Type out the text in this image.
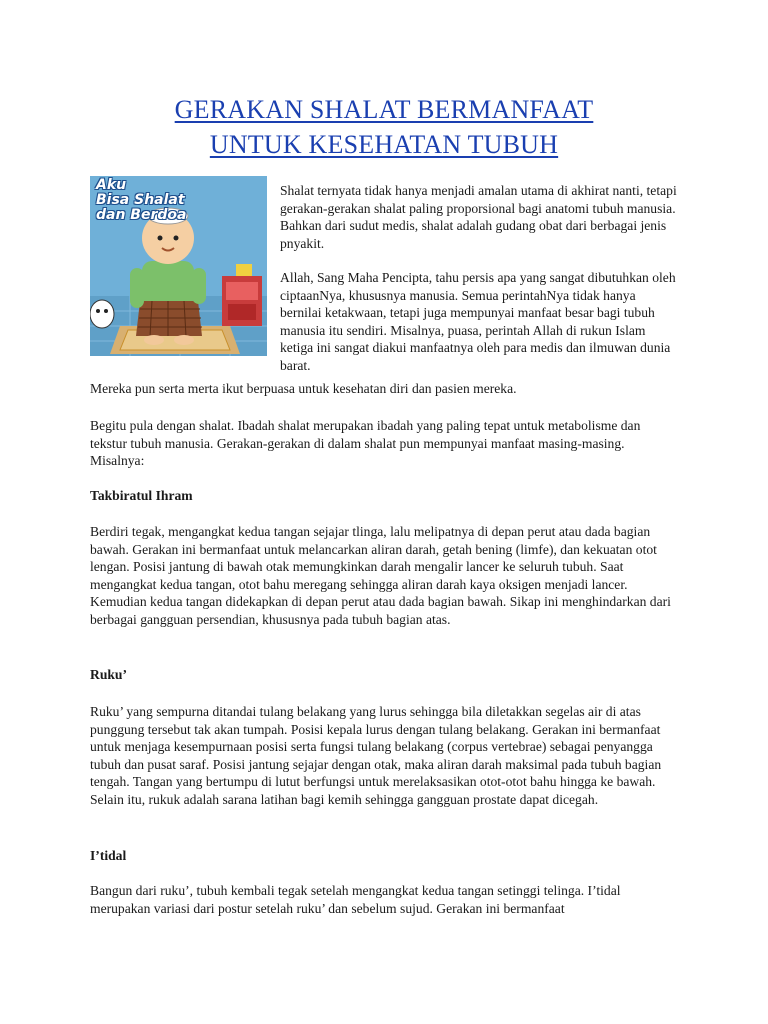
GERAKAN SHALAT BERMANFAAT
UNTUK KESEHATAN TUBUH
Aku
Bisa Shalat
dan Berdoa

Shalat ternyata tidak hanya menjadi amalan utama di akhirat nanti, tetapi gerakan-gerakan shalat paling proporsional bagi anatomi tubuh manusia. Bahkan dari sudut medis, shalat adalah gudang obat dari berbagai jenis pnyakit.

Allah, Sang Maha Pencipta, tahu persis apa yang sangat dibutuhkan oleh ciptaanNya, khususnya manusia. Semua perintahNya tidak hanya bernilai ketakwaan, tetapi juga mempunyai manfaat besar bagi tubuh manusia itu sendiri. Misalnya, puasa, perintah Allah di rukun Islam ketiga ini sangat diakui manfaatnya oleh para medis dan ilmuwan dunia barat.

Mereka pun serta merta ikut berpuasa untuk kesehatan diri dan pasien mereka.

Begitu pula dengan shalat. Ibadah shalat merupakan ibadah yang paling tepat untuk metabolisme dan tekstur tubuh manusia. Gerakan-gerakan di dalam shalat pun mempunyai manfaat masing-masing. Misalnya:

Takbiratul Ihram

Berdiri tegak, mengangkat kedua tangan sejajar tlinga, lalu melipatnya di depan perut atau dada bagian bawah. Gerakan ini bermanfaat untuk melancarkan aliran darah, getah bening (limfe), dan kekuatan otot lengan. Posisi jantung di bawah otak memungkinkan darah mengalir lancer ke seluruh tubuh. Saat mengangkat kedua tangan, otot bahu meregang sehingga aliran darah kaya oksigen menjadi lancer. Kemudian kedua tangan didekapkan di depan perut atau dada bagian bawah. Sikap ini menghindarkan dari berbagai gangguan persendian, khususnya pada tubuh bagian atas.

Ruku’

Ruku’ yang sempurna ditandai tulang belakang yang lurus sehingga bila diletakkan segelas air di atas punggung tersebut tak akan tumpah. Posisi kepala lurus dengan tulang belakang. Gerakan ini bermanfaat untuk menjaga kesempurnaan posisi serta fungsi tulang belakang (corpus vertebrae) sebagai penyangga tubuh dan pusat saraf. Posisi jantung sejajar dengan otak, maka aliran darah maksimal pada tubuh bagian tengah. Tangan yang bertumpu di lutut berfungsi untuk merelaksasikan otot-otot bahu hingga ke bawah. Selain itu, rukuk adalah sarana latihan bagi kemih sehingga gangguan prostate dapat dicegah.

I’tidal

Bangun dari ruku’, tubuh kembali tegak setelah mengangkat kedua tangan setinggi telinga. I’tidal merupakan variasi dari postur setelah ruku’ dan sebelum sujud. Gerakan ini bermanfaat
